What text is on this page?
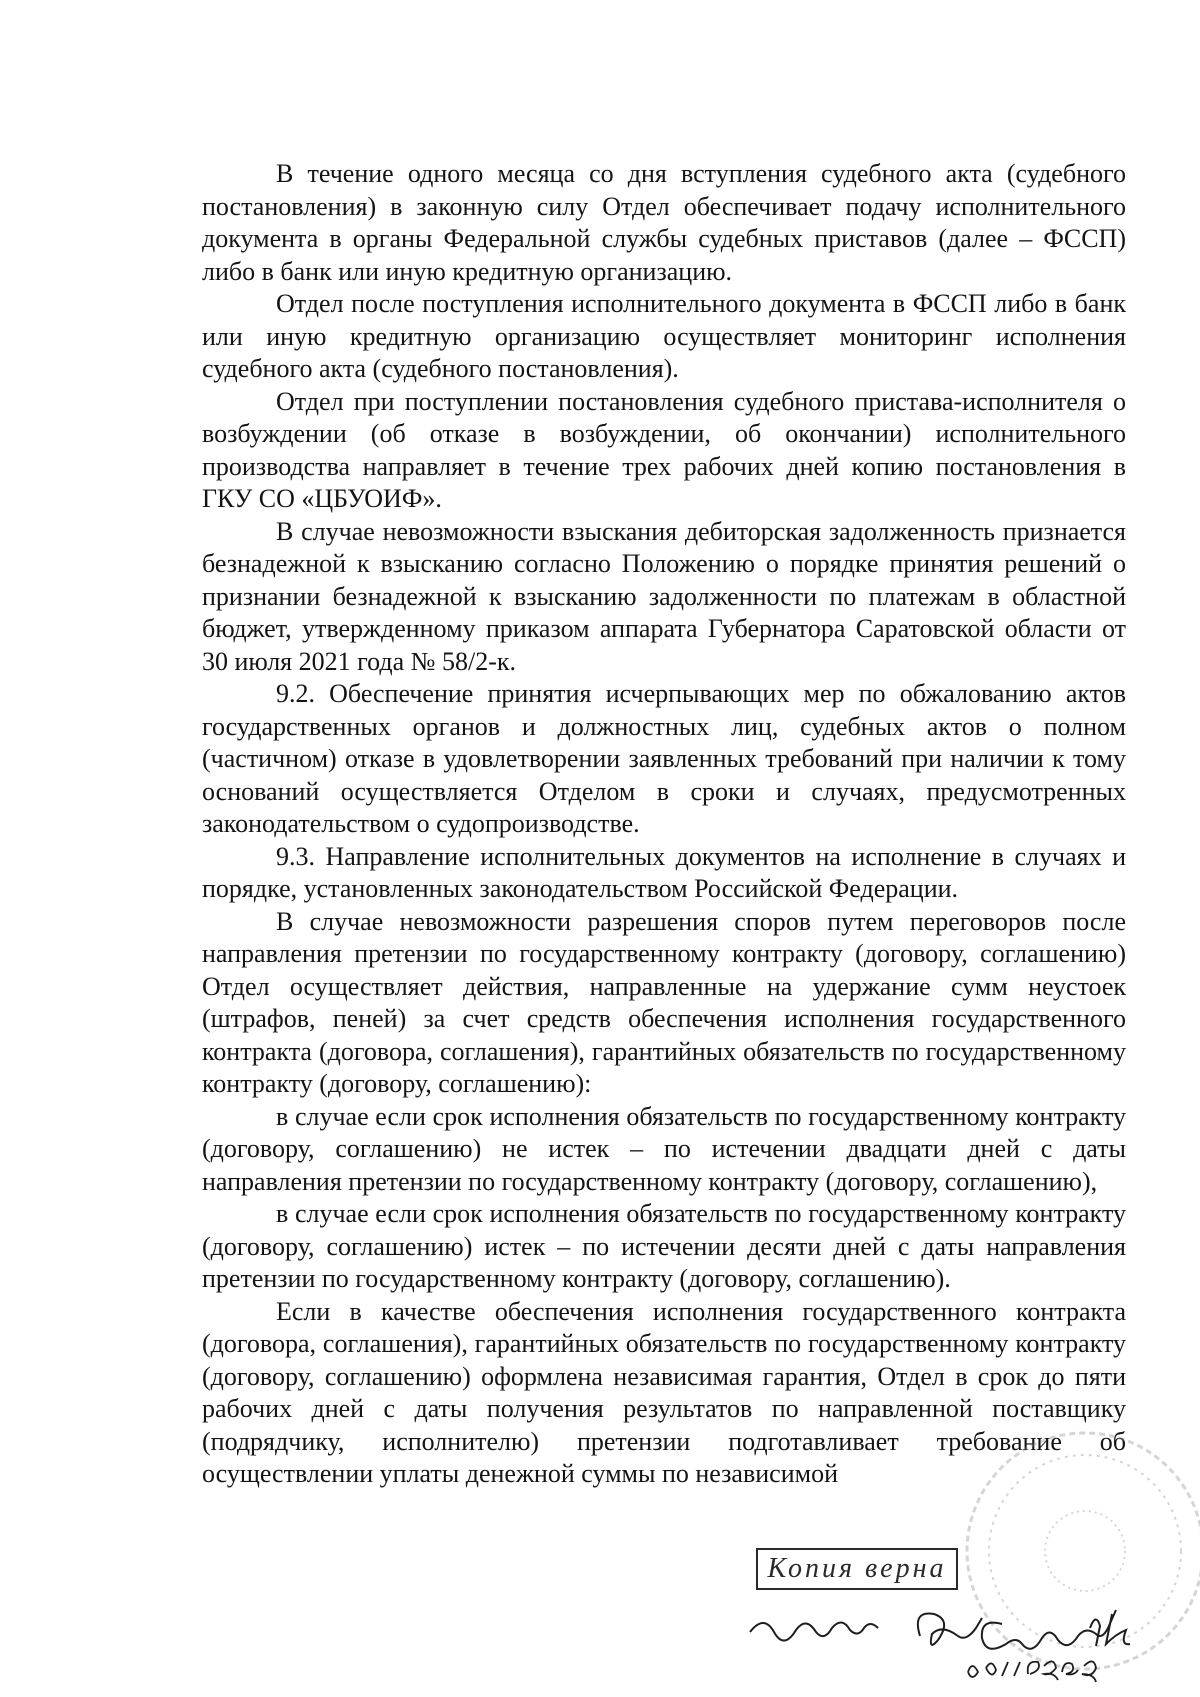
В течение одного месяца со дня вступления судебного акта (судебного постановления) в законную силу Отдел обеспечивает подачу исполнительного документа в органы Федеральной службы судебных приставов (далее – ФССП) либо в банк или иную кредитную организацию.

Отдел после поступления исполнительного документа в ФССП либо в банк или иную кредитную организацию осуществляет мониторинг исполнения судебного акта (судебного постановления).

Отдел при поступлении постановления судебного пристава-исполнителя о возбуждении (об отказе в возбуждении, об окончании) исполнительного производства направляет в течение трех рабочих дней копию постановления в ГКУ СО «ЦБУОИФ».

В случае невозможности взыскания дебиторская задолженность признается безнадежной к взысканию согласно Положению о порядке принятия решений о признании безнадежной к взысканию задолженности по платежам в областной бюджет, утвержденному приказом аппарата Губернатора Саратовской области от 30 июля 2021 года № 58/2-к.

9.2. Обеспечение принятия исчерпывающих мер по обжалованию актов государственных органов и должностных лиц, судебных актов о полном (частичном) отказе в удовлетворении заявленных требований при наличии к тому оснований осуществляется Отделом в сроки и случаях, предусмотренных законодательством о судопроизводстве.

9.3. Направление исполнительных документов на исполнение в случаях и порядке, установленных законодательством Российской Федерации.

В случае невозможности разрешения споров путем переговоров после направления претензии по государственному контракту (договору, соглашению) Отдел осуществляет действия, направленные на удержание сумм неустоек (штрафов, пеней) за счет средств обеспечения исполнения государственного контракта (договора, соглашения), гарантийных обязательств по государственному контракту (договору, соглашению):

в случае если срок исполнения обязательств по государственному контракту (договору, соглашению) не истек – по истечении двадцати дней с даты направления претензии по государственному контракту (договору, соглашению),

в случае если срок исполнения обязательств по государственному контракту (договору, соглашению) истек – по истечении десяти дней с даты направления претензии по государственному контракту (договору, соглашению).

Если в качестве обеспечения исполнения государственного контракта (договора, соглашения), гарантийных обязательств по государственному контракту (договору, соглашению) оформлена независимая гарантия, Отдел в срок до пяти рабочих дней с даты получения результатов по направленной поставщику (подрядчику, исполнителю) претензии подготавливает требование об осуществлении уплаты денежной суммы по независимой

Копия верна
